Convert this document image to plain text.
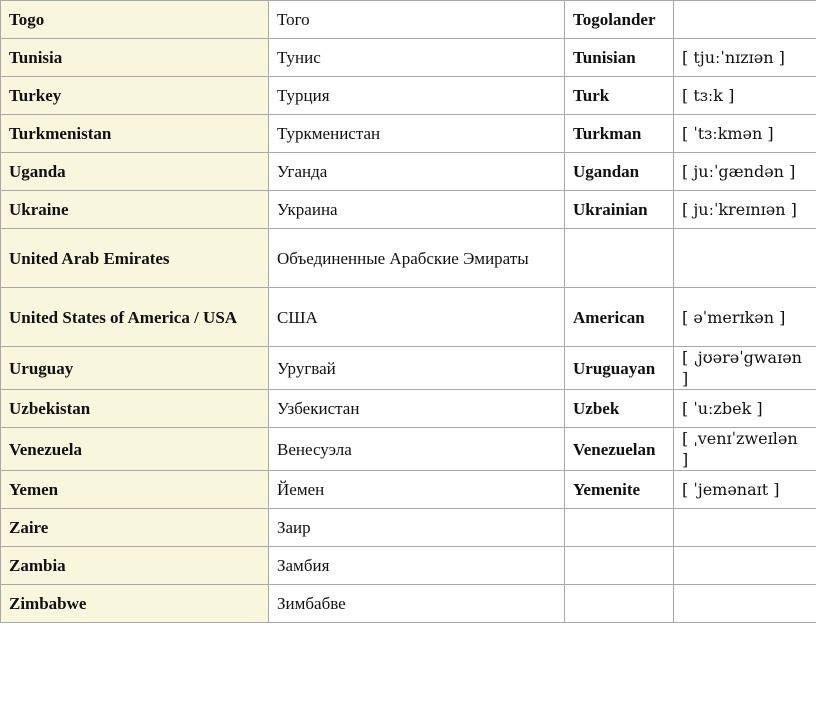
Togo	Того	Togolander	
Tunisia	Тунис	Tunisian	[ tjuːˈnɪzɪən ]
Turkey	Турция	Turk	[ tɜːk ]
Turkmenistan	Туркменистан	Turkman	[ ˈtɜːkmən ]
Uganda	Уганда	Ugandan	[ juːˈgændən ]
Ukraine	Украина	Ukrainian	[ juːˈkreɪnɪən ]
United Arab Emirates	Объединенные Арабские Эмираты		
United States of America / USA	США	American	[ əˈmerɪkən ]
Uruguay	Уругвай	Uruguayan	[ ˌjʊərəˈgwaɪən ]
Uzbekistan	Узбекистан	Uzbek	[ ˈuːzbek ]
Venezuela	Венесуэла	Venezuelan	[ ˌvenɪˈzweɪlən ]
Yemen	Йемен	Yemenite	[ ˈjemənaɪt ]
Zaire	Заир		
Zambia	Замбия		
Zimbabwe	Зимбабве		
